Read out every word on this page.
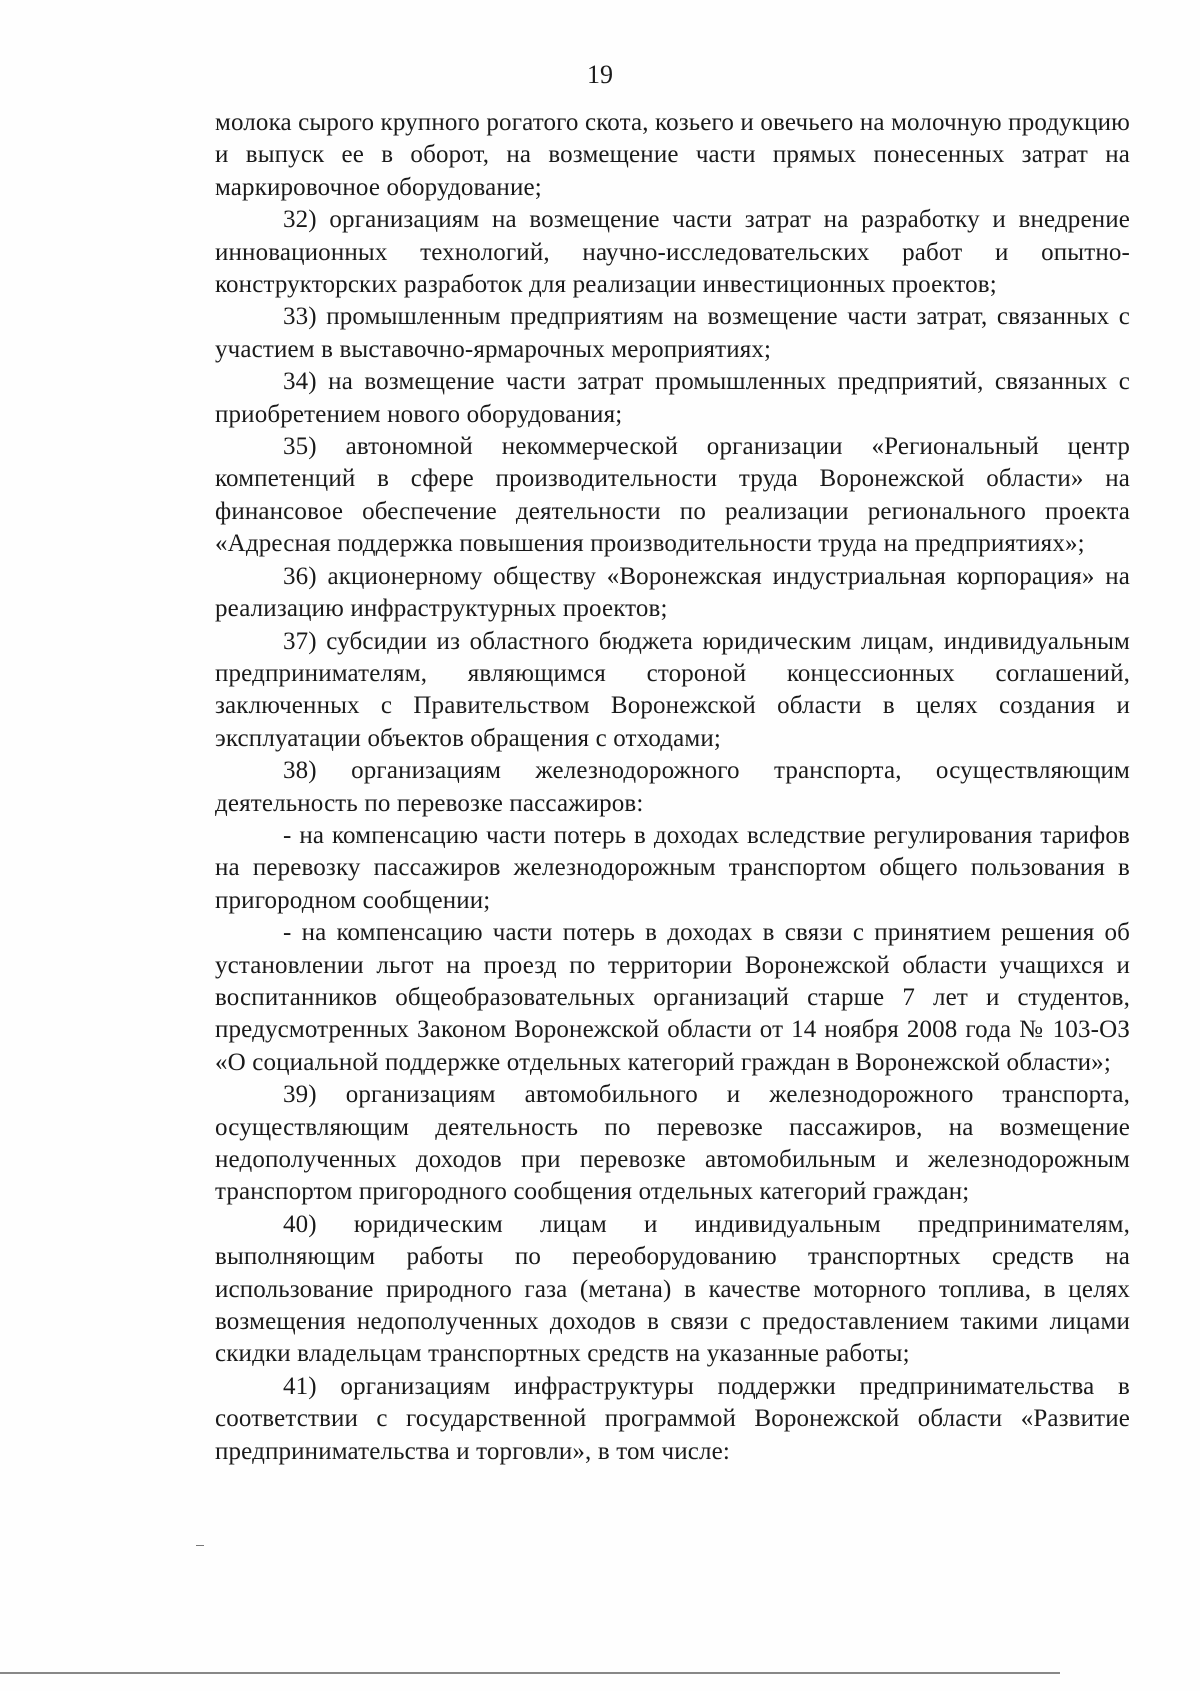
19

молока сырого крупного рогатого скота, козьего и овечьего на молочную продукцию и выпуск ее в оборот, на возмещение части прямых понесенных затрат на маркировочное оборудование;

32) организациям на возмещение части затрат на разработку и внедрение инновационных технологий, научно-исследовательских работ и опытно-конструкторских разработок для реализации инвестиционных проектов;

33) промышленным предприятиям на возмещение части затрат, связанных с участием в выставочно-ярмарочных мероприятиях;

34) на возмещение части затрат промышленных предприятий, связанных с приобретением нового оборудования;

35) автономной некоммерческой организации «Региональный центр компетенций в сфере производительности труда Воронежской области» на финансовое обеспечение деятельности по реализации регионального проекта «Адресная поддержка повышения производительности труда на предприятиях»;

36) акционерному обществу «Воронежская индустриальная корпорация» на реализацию инфраструктурных проектов;

37) субсидии из областного бюджета юридическим лицам, индивидуальным предпринимателям, являющимся стороной концессионных соглашений, заключенных с Правительством Воронежской области в целях создания и эксплуатации объектов обращения с отходами;

38) организациям железнодорожного транспорта, осуществляющим деятельность по перевозке пассажиров:

- на компенсацию части потерь в доходах вследствие регулирования тарифов на перевозку пассажиров железнодорожным транспортом общего пользования в пригородном сообщении;

- на компенсацию части потерь в доходах в связи с принятием решения об установлении льгот на проезд по территории Воронежской области учащихся и воспитанников общеобразовательных организаций старше 7 лет и студентов, предусмотренных Законом Воронежской области от 14 ноября 2008 года № 103-ОЗ «О социальной поддержке отдельных категорий граждан в Воронежской области»;

39) организациям автомобильного и железнодорожного транспорта, осуществляющим деятельность по перевозке пассажиров, на возмещение недополученных доходов при перевозке автомобильным и железнодорожным транспортом пригородного сообщения отдельных категорий граждан;

40) юридическим лицам и индивидуальным предпринимателям, выполняющим работы по переоборудованию транспортных средств на использование природного газа (метана) в качестве моторного топлива, в целях возмещения недополученных доходов в связи с предоставлением такими лицами скидки владельцам транспортных средств на указанные работы;

41) организациям инфраструктуры поддержки предпринимательства в соответствии с государственной программой Воронежской области «Развитие предпринимательства и торговли», в том числе:
